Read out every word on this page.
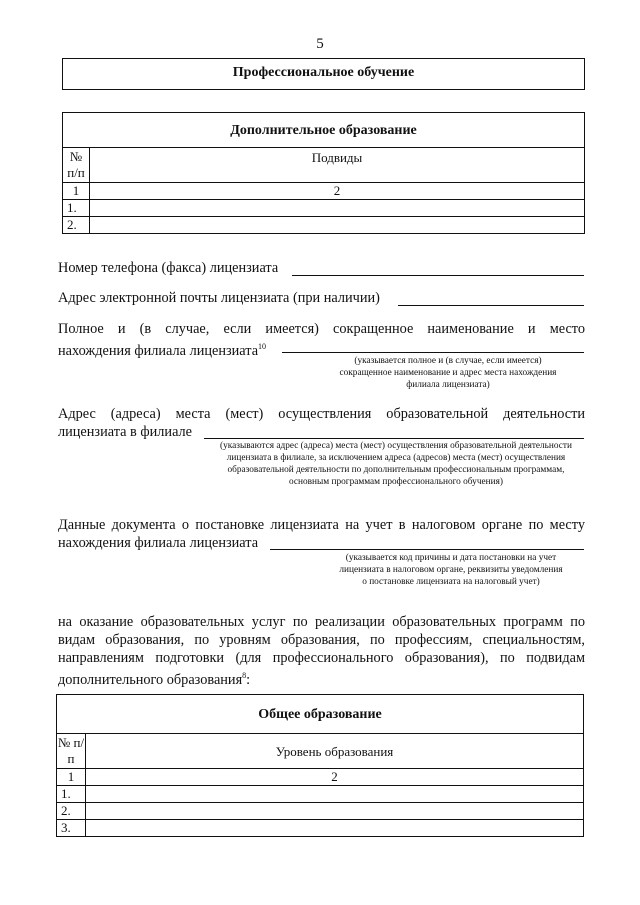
5
Профессиональное обучение
Дополнительное образование	
№ п/п	Подвиды
1	2
1.	
2.	
Номер телефона (факса) лицензиата
Адрес электронной почты лицензиата (при наличии)
Полное и (в случае, если имеется) сокращенное наименование и место
нахождения филиала лицензиата$^{10}$
(указывается полное и (в случае, если имеется) сокращенное наименование и адрес места нахождения филиала лицензиата)
Адрес (адреса) места (мест) осуществления образовательной деятельности
лицензиата в филиале
(указываются адрес (адреса) места (мест) осуществления образовательной деятельности лицензиата в филиале, за исключением адреса (адресов) места (мест) осуществления образовательной деятельности по дополнительным профессиональным программам, основным программам профессионального обучения)
Данные документа о постановке лицензиата на учет в налоговом органе по месту
нахождения филиала лицензиата
(указывается код причины и дата постановки на учет лицензиата в налоговом органе, реквизиты уведомления о постановке лицензиата на налоговый учет)
на оказание образовательных услуг по реализации образовательных программ по
видам образования, по уровням образования, по профессиям, специальностям,
направлениям подготовки (для профессионального образования), по подвидам
дополнительного образования$^8$:
Общее образование	
№ п/п	Уровень образования
1	2
1.	
2.	
3.	
